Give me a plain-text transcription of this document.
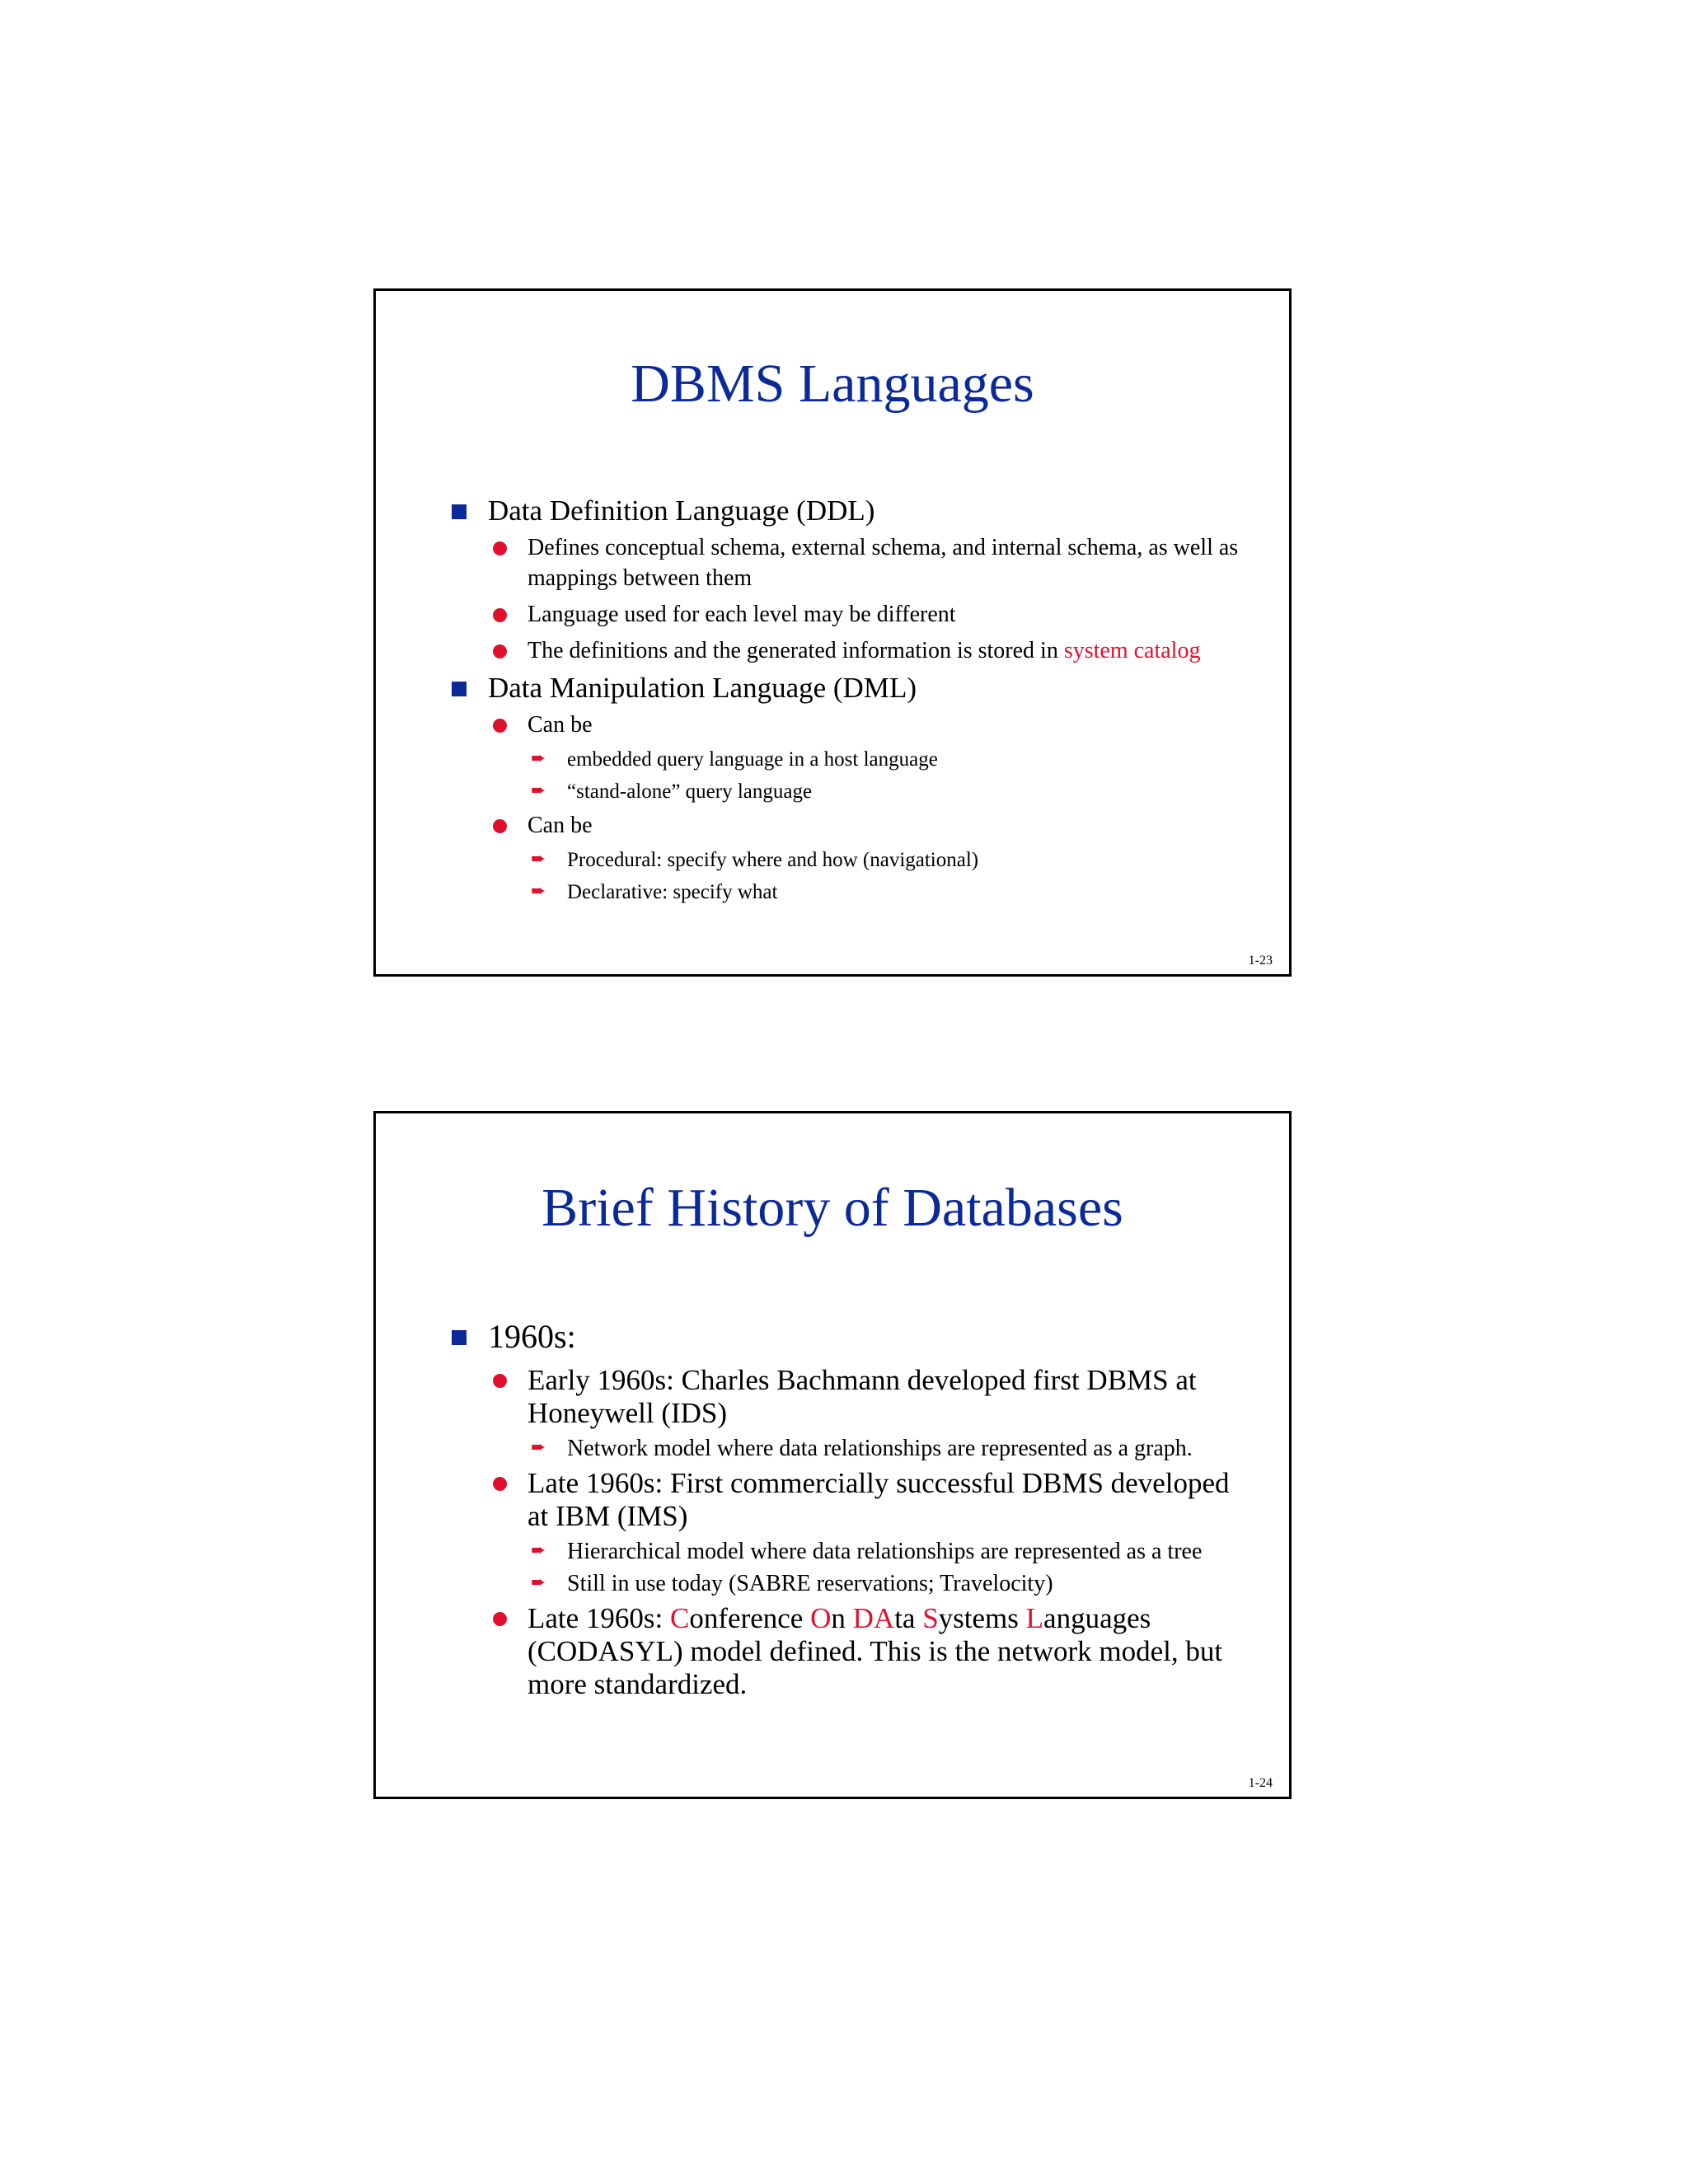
DBMS Languages
Data Definition Language (DDL)
Defines conceptual schema, external schema, and internal schema, as well as mappings between them
Language used for each level may be different
The definitions and the generated information is stored in system catalog
Data Manipulation Language (DML)
Can be
➨ embedded query language in a host language
➨ “stand-alone” query language
Can be
➨ Procedural: specify where and how (navigational)
➨ Declarative: specify what
1-23
Brief History of Databases
1960s:
Early 1960s: Charles Bachmann developed first DBMS at Honeywell (IDS)
➨ Network model where data relationships are represented as a graph.
Late 1960s: First commercially successful DBMS developed at IBM (IMS)
➨ Hierarchical model where data relationships are represented as a tree
➨ Still in use today (SABRE reservations; Travelocity)
Late 1960s: Conference On DAta Systems Languages (CODASYL) model defined. This is the network model, but more standardized.
1-24
